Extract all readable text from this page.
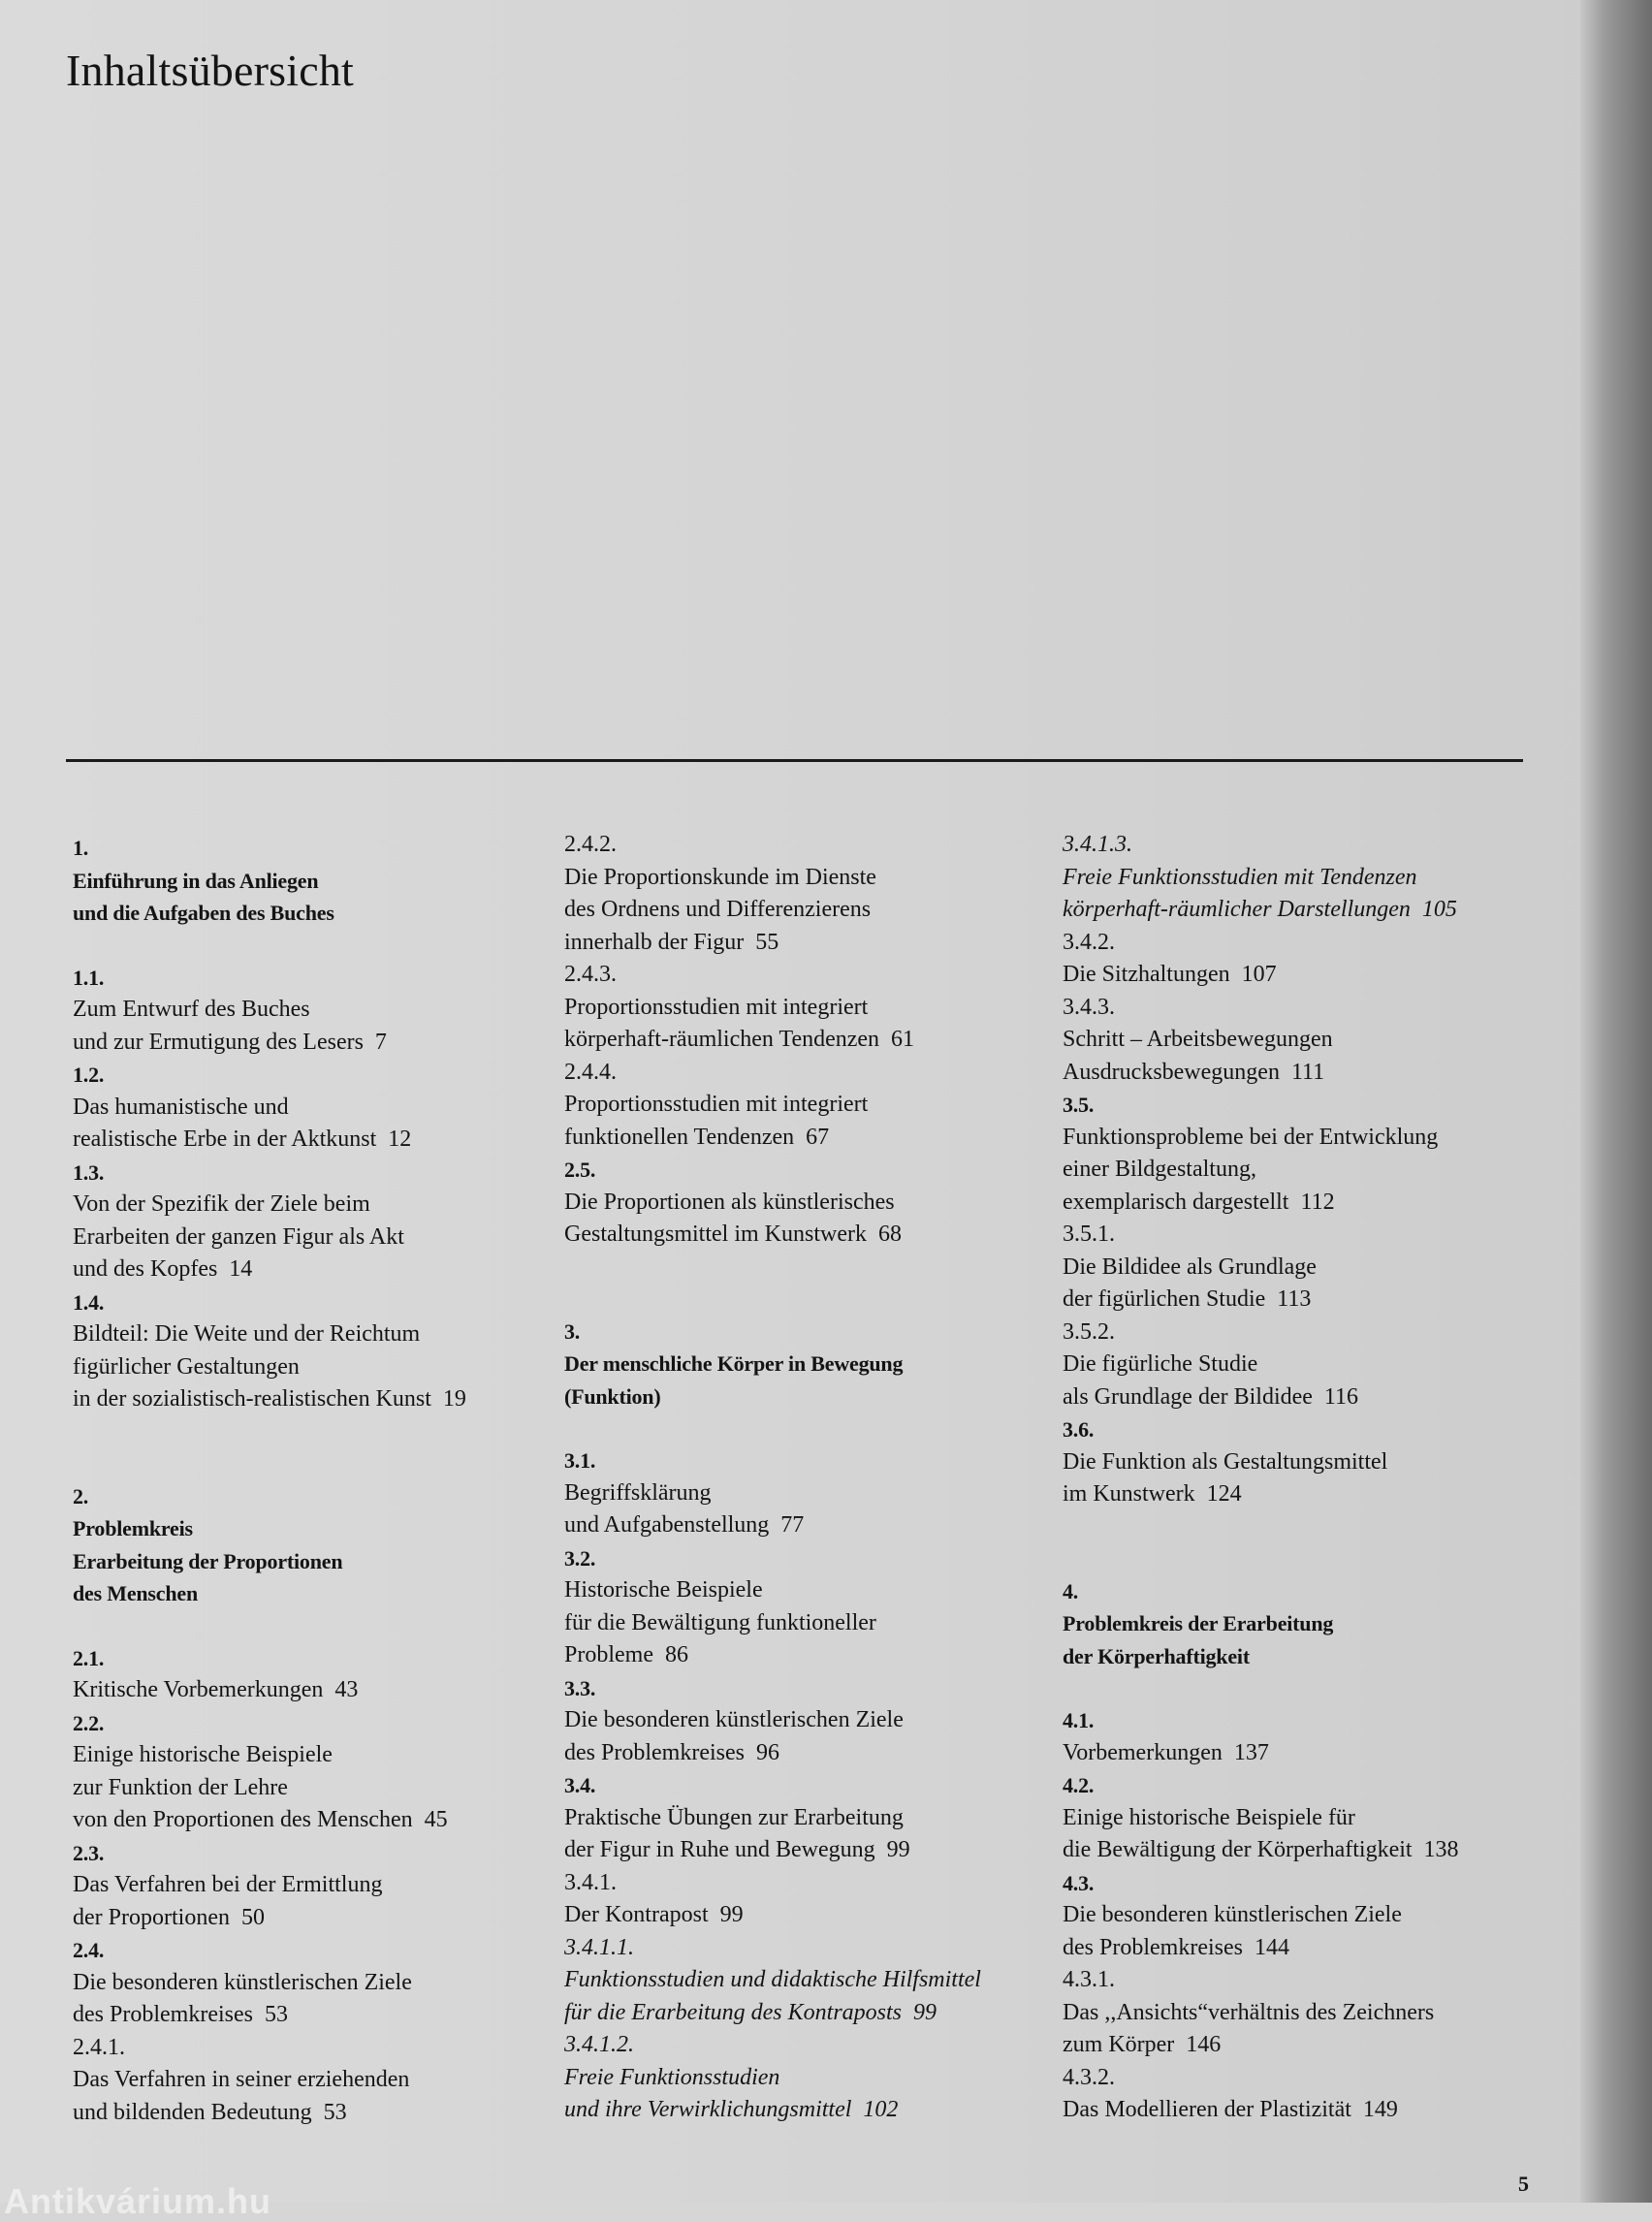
Inhaltsübersicht
1.
Einführung in das Anliegen
und die Aufgaben des Buches
1.1.
Zum Entwurf des Buches
und zur Ermutigung des Lesers  7
1.2.
Das humanistische und
realistische Erbe in der Aktkunst  12
1.3.
Von der Spezifik der Ziele beim
Erarbeiten der ganzen Figur als Akt
und des Kopfes  14
1.4.
Bildteil: Die Weite und der Reichtum
figürlicher Gestaltungen
in der sozialistisch-realistischen Kunst  19
2.
Problemkreis
Erarbeitung der Proportionen
des Menschen
2.1.
Kritische Vorbemerkungen  43
2.2.
Einige historische Beispiele
zur Funktion der Lehre
von den Proportionen des Menschen  45
2.3.
Das Verfahren bei der Ermittlung
der Proportionen  50
2.4.
Die besonderen künstlerischen Ziele
des Problemkreises  53
2.4.1.
Das Verfahren in seiner erziehenden
und bildenden Bedeutung  53
2.4.2.
Die Proportionskunde im Dienste
des Ordnens und Differenzierens
innerhalb der Figur  55
2.4.3.
Proportionsstudien mit integriert
körperhaft-räumlichen Tendenzen  61
2.4.4.
Proportionsstudien mit integriert
funktionellen Tendenzen  67
2.5.
Die Proportionen als künstlerisches
Gestaltungsmittel im Kunstwerk  68
3.
Der menschliche Körper in Bewegung
(Funktion)
3.1.
Begriffsklärung
und Aufgabenstellung  77
3.2.
Historische Beispiele
für die Bewältigung funktioneller
Probleme  86
3.3.
Die besonderen künstlerischen Ziele
des Problemkreises  96
3.4.
Praktische Übungen zur Erarbeitung
der Figur in Ruhe und Bewegung  99
3.4.1.
Der Kontrapost  99
3.4.1.1.
Funktionsstudien und didaktische Hilfsmittel
für die Erarbeitung des Kontraposts  99
3.4.1.2.
Freie Funktionsstudien
und ihre Verwirklichungsmittel  102
3.4.1.3.
Freie Funktionsstudien mit Tendenzen
körperhaft-räumlicher Darstellungen  105
3.4.2.
Die Sitzhaltungen  107
3.4.3.
Schritt – Arbeitsbewegungen
Ausdrucksbewegungen  111
3.5.
Funktionsprobleme bei der Entwicklung
einer Bildgestaltung,
exemplarisch dargestellt  112
3.5.1.
Die Bildidee als Grundlage
der figürlichen Studie  113
3.5.2.
Die figürliche Studie
als Grundlage der Bildidee  116
3.6.
Die Funktion als Gestaltungsmittel
im Kunstwerk  124
4.
Problemkreis der Erarbeitung
der Körperhaftigkeit
4.1.
Vorbemerkungen  137
4.2.
Einige historische Beispiele für
die Bewältigung der Körperhaftigkeit  138
4.3.
Die besonderen künstlerischen Ziele
des Problemkreises  144
4.3.1.
Das ,,Ansichts“verhältnis des Zeichners
zum Körper  146
4.3.2.
Das Modellieren der Plastizität  149
5
Antikvárium.hu
